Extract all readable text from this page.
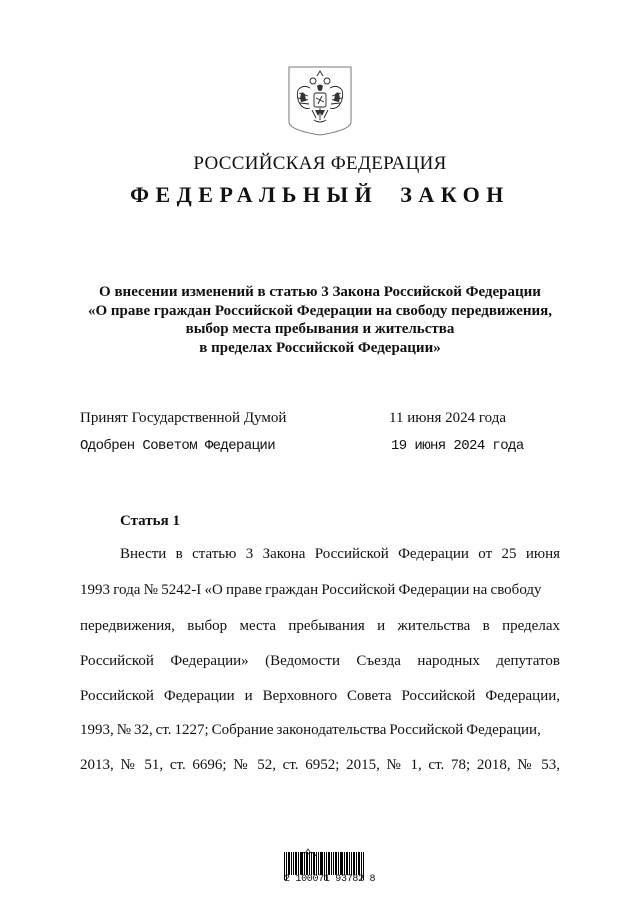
РОССИЙСКАЯ ФЕДЕРАЦИЯ
ФЕДЕРАЛЬНЫЙ ЗАКОН
О внесении изменений в статью 3 Закона Российской Федерации
«О праве граждан Российской Федерации на свободу передвижения,
выбор места пребывания и жительства
в пределах Российской Федерации»
Принят Государственной Думой	11 июня 2024 года
Одобрен Советом Федерации	19 июня 2024 года
Статья 1
Внести в статью 3 Закона Российской Федерации от 25 июня
1993 года № 5242-I «О праве граждан Российской Федерации на свободу
передвижения, выбор места пребывания и жительства в пределах
Российской Федерации» (Ведомости Съезда народных депутатов
Российской Федерации и Верховного Совета Российской Федерации,
1993, № 32, ст. 1227; Собрание законодательства Российской Федерации,
2013, № 51, ст. 6696; № 52, ст. 6952; 2015, № 1, ст. 78; 2018, № 53,
2 100071 93782 8
